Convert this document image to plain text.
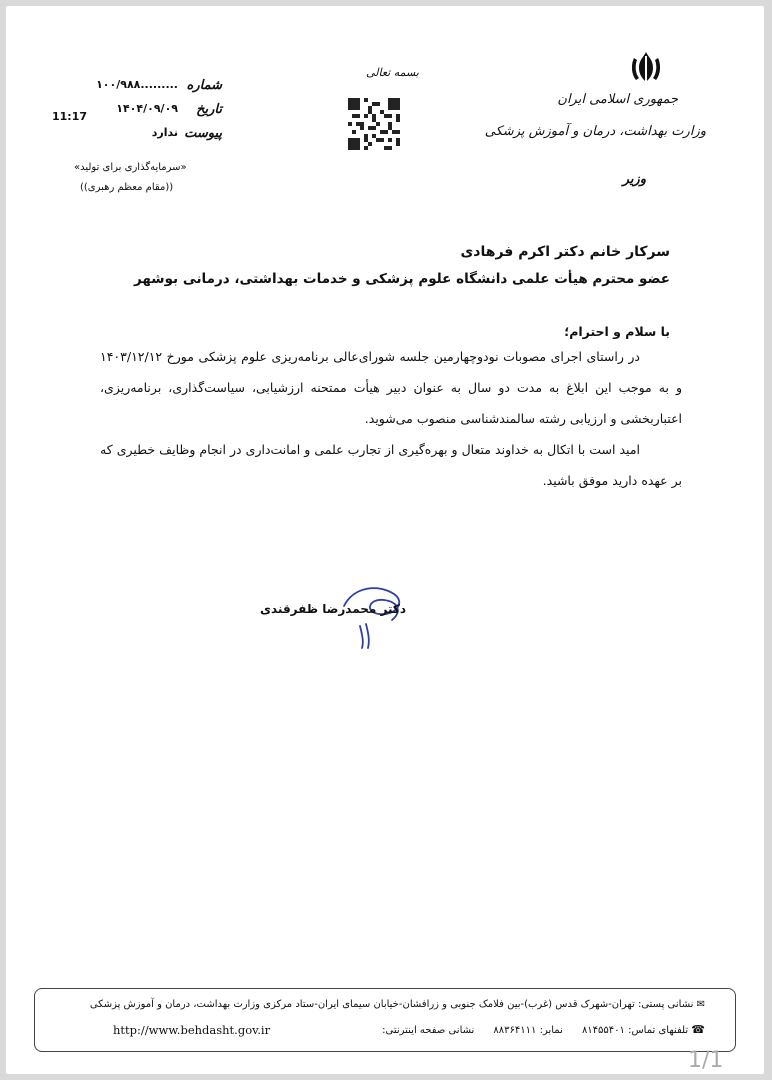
جمهوری اسلامی ایران
وزارت بهداشت، درمان و آموزش پزشکی
وزیر
بسمه تعالی
شماره
۱۰۰/۹۸۸.........
تاریخ
۱۴۰۴/۰۹/۰۹
پیوست
ندارد
11:17
«سرمایه‌گذاری برای تولید»
((مقام معظم رهبری))
سرکار خانم دکتر اکرم فرهادی
عضو محترم هیأت علمی دانشگاه علوم پزشکی و خدمات بهداشتی، درمانی بوشهر
با سلام و احترام؛
در راستای اجرای مصوبات نودوچهارمین جلسه شورای‌عالی برنامه‌ریزی علوم پزشکی مورخ ۱۴۰۳/۱۲/۱۲ و به موجب این ابلاغ به مدت دو سال به عنوان دبیر هیأت ممتحنه ارزشیابی، سیاست‌گذاری، برنامه‌ریزی، اعتباربخشی و ارزیابی رشته سالمندشناسی منصوب می‌شوید.
امید است با اتکال به خداوند متعال و بهره‌گیری از تجارب علمی و امانت‌داری در انجام وظایف خطیری که بر عهده دارید موفق باشید.
دکتر محمدرضا ظفرقندی
✉ نشانی پستی: تهران-شهرک قدس (غرب)-بین فلامک جنوبی و زرافشان-خیابان سیمای ایران-ستاد مرکزی وزارت بهداشت، درمان و آموزش پزشکی
☎ تلفنهای تماس: ۸۱۴۵۵۴۰۱      نمابر: ۸۸۳۶۴۱۱۱      نشانی صفحه اینترنتی:
http://www.behdasht.gov.ir
1/1
